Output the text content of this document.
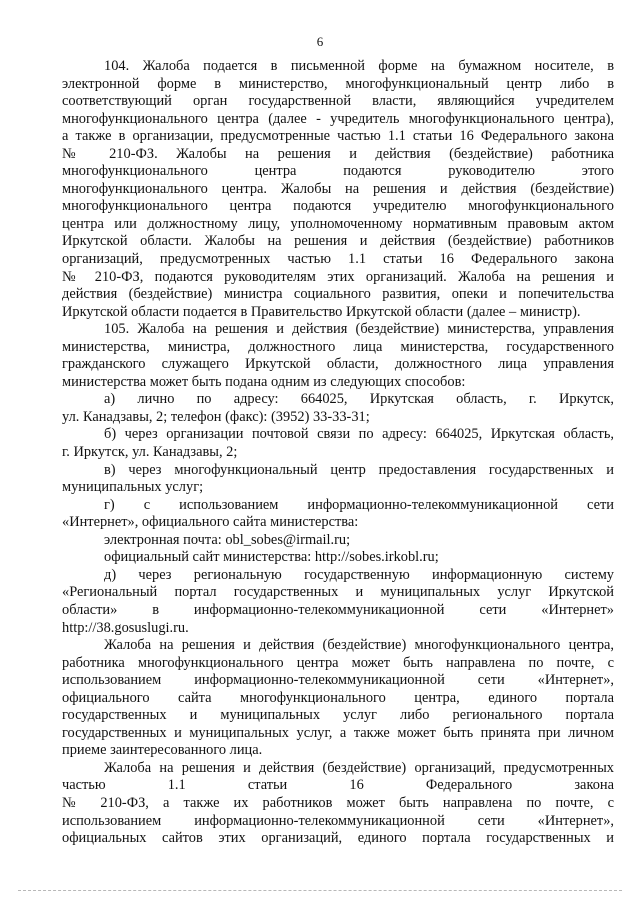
6
104. Жалоба подается в письменной форме на бумажном носителе, в
электронной форме в министерство, многофункциональный центр либо в
соответствующий орган государственной власти, являющийся учредителем
многофункционального центра (далее - учредитель многофункционального центра),
а также в организации, предусмотренные частью 1.1 статьи 16 Федерального закона
№ 210-ФЗ. Жалобы на решения и действия (бездействие) работника
многофункционального центра подаются руководителю этого
многофункционального центра. Жалобы на решения и действия (бездействие)
многофункционального центра подаются учредителю многофункционального
центра или должностному лицу, уполномоченному нормативным правовым актом
Иркутской области. Жалобы на решения и действия (бездействие) работников
организаций, предусмотренных частью 1.1 статьи 16 Федерального закона
№ 210-ФЗ, подаются руководителям этих организаций. Жалоба на решения и
действия (бездействие) министра социального развития, опеки и попечительства
Иркутской области подается в Правительство Иркутской области (далее – министр).
105. Жалоба на решения и действия (бездействие) министерства, управления
министерства, министра, должностного лица министерства, государственного
гражданского служащего Иркутской области, должностного лица управления
министерства может быть подана одним из следующих способов:
а) лично по адресу: 664025, Иркутская область, г. Иркутск,
ул. Канадзавы, 2; телефон (факс): (3952) 33-33-31;
б) через организации почтовой связи по адресу: 664025, Иркутская область,
г. Иркутск, ул. Канадзавы, 2;
в) через многофункциональный центр предоставления государственных и
муниципальных услуг;
г) с использованием информационно-телекоммуникационной сети
«Интернет», официального сайта министерства:
электронная почта: obl_sobes@irmail.ru;
официальный сайт министерства: http://sobes.irkobl.ru;
д) через региональную государственную информационную систему
«Региональный портал государственных и муниципальных услуг Иркутской
области» в информационно-телекоммуникационной сети «Интернет»
http://38.gosuslugi.ru.
Жалоба на решения и действия (бездействие) многофункционального центра,
работника многофункционального центра может быть направлена по почте, с
использованием информационно-телекоммуникационной сети «Интернет»,
официального сайта многофункционального центра, единого портала
государственных и муниципальных услуг либо регионального портала
государственных и муниципальных услуг, а также может быть принята при личном
приеме заинтересованного лица.
Жалоба на решения и действия (бездействие) организаций, предусмотренных
частью 1.1 статьи 16 Федерального закона
№ 210-ФЗ, а также их работников может быть направлена по почте, с
использованием информационно-телекоммуникационной сети «Интернет»,
официальных сайтов этих организаций, единого портала государственных и
